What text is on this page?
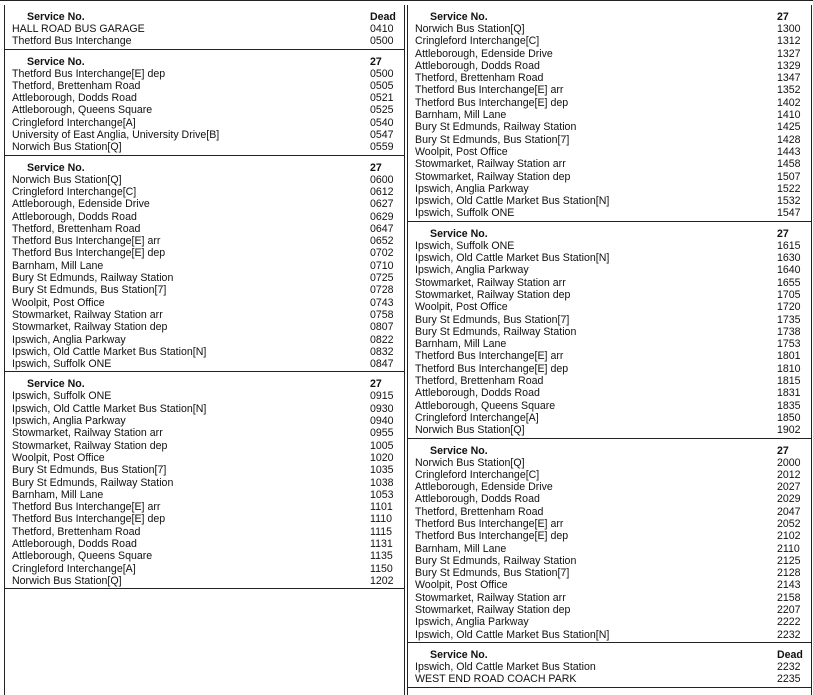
Service No.	Dead
HALL ROAD BUS GARAGE	0410
Thetford Bus Interchange	0500
Service No.	27
Thetford Bus Interchange[E] dep	0500
Thetford, Brettenham Road	0505
Attleborough, Dodds Road	0521
Attleborough, Queens Square	0525
Cringleford Interchange[A]	0540
University of East Anglia, University Drive[B]	0547
Norwich Bus Station[Q]	0559
Service No.	27
Norwich Bus Station[Q]	0600
Cringleford Interchange[C]	0612
Attleborough, Edenside Drive	0627
Attleborough, Dodds Road	0629
Thetford, Brettenham Road	0647
Thetford Bus Interchange[E] arr	0652
Thetford Bus Interchange[E] dep	0702
Barnham, Mill Lane	0710
Bury St Edmunds, Railway Station	0725
Bury St Edmunds, Bus Station[7]	0728
Woolpit, Post Office	0743
Stowmarket, Railway Station arr	0758
Stowmarket, Railway Station dep	0807
Ipswich, Anglia Parkway	0822
Ipswich, Old Cattle Market Bus Station[N]	0832
Ipswich, Suffolk ONE	0847
Service No.	27
Ipswich, Suffolk ONE	0915
Ipswich, Old Cattle Market Bus Station[N]	0930
Ipswich, Anglia Parkway	0940
Stowmarket, Railway Station arr	0955
Stowmarket, Railway Station dep	1005
Woolpit, Post Office	1020
Bury St Edmunds, Bus Station[7]	1035
Bury St Edmunds, Railway Station	1038
Barnham, Mill Lane	1053
Thetford Bus Interchange[E] arr	1101
Thetford Bus Interchange[E] dep	1110
Thetford, Brettenham Road	1115
Attleborough, Dodds Road	1131
Attleborough, Queens Square	1135
Cringleford Interchange[A]	1150
Norwich Bus Station[Q]	1202
Service No.	27
Norwich Bus Station[Q]	1300
Cringleford Interchange[C]	1312
Attleborough, Edenside Drive	1327
Attleborough, Dodds Road	1329
Thetford, Brettenham Road	1347
Thetford Bus Interchange[E] arr	1352
Thetford Bus Interchange[E] dep	1402
Barnham, Mill Lane	1410
Bury St Edmunds, Railway Station	1425
Bury St Edmunds, Bus Station[7]	1428
Woolpit, Post Office	1443
Stowmarket, Railway Station arr	1458
Stowmarket, Railway Station dep	1507
Ipswich, Anglia Parkway	1522
Ipswich, Old Cattle Market Bus Station[N]	1532
Ipswich, Suffolk ONE	1547
Service No.	27
Ipswich, Suffolk ONE	1615
Ipswich, Old Cattle Market Bus Station[N]	1630
Ipswich, Anglia Parkway	1640
Stowmarket, Railway Station arr	1655
Stowmarket, Railway Station dep	1705
Woolpit, Post Office	1720
Bury St Edmunds, Bus Station[7]	1735
Bury St Edmunds, Railway Station	1738
Barnham, Mill Lane	1753
Thetford Bus Interchange[E] arr	1801
Thetford Bus Interchange[E] dep	1810
Thetford, Brettenham Road	1815
Attleborough, Dodds Road	1831
Attleborough, Queens Square	1835
Cringleford Interchange[A]	1850
Norwich Bus Station[Q]	1902
Service No.	27
Norwich Bus Station[Q]	2000
Cringleford Interchange[C]	2012
Attleborough, Edenside Drive	2027
Attleborough, Dodds Road	2029
Thetford, Brettenham Road	2047
Thetford Bus Interchange[E] arr	2052
Thetford Bus Interchange[E] dep	2102
Barnham, Mill Lane	2110
Bury St Edmunds, Railway Station	2125
Bury St Edmunds, Bus Station[7]	2128
Woolpit, Post Office	2143
Stowmarket, Railway Station arr	2158
Stowmarket, Railway Station dep	2207
Ipswich, Anglia Parkway	2222
Ipswich, Old Cattle Market Bus Station[N]	2232
Service No.	Dead
Ipswich, Old Cattle Market Bus Station	2232
WEST END ROAD COACH PARK	2235
